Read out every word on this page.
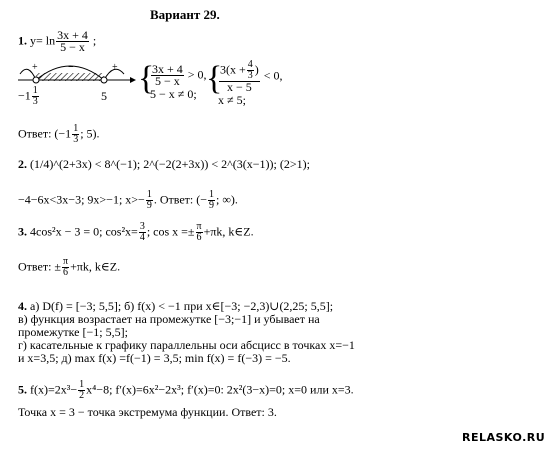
Вариант 29.
1. $y= \ln \frac{3x + 4}{5 - x}$ ;
+	−	+
$-1 \frac{1}{3}$	5 {
$\frac{3x + 4}{5 - x} > 0$,
5 − x ≠ 0; {
$\frac{3(x + \frac{4}{3} )}{x - 5} < 0$,
x ≠ 5;
Ответ: ($-1 \frac{1}{3}$ ; 5).
2. (1/4)^(2+3x) < 8^(−1); 2^(−2(2+3x)) < 2^(3(x−1)); (2>1);
−4−6x<3x−3; 9x>−1; $x>- \frac{1}{9}$ . Ответ: (− $\frac{1}{9}$ ; ∞).
3. 4cos²x − 3 = 0; $\cos^2x= \frac{3}{4}$ ; $\cos x =\pm \frac{\pi}{6} +\pi k$, k∈Z.
Ответ: ± $\frac{\pi}{6} +\pi k$, k∈Z.
4. а) D(f) = [−3; 5,5]; б) f(x) < −1 при x∈[−3; −2,3)∪(2,25; 5,5];
в) функция возрастает на промежутке [−3;−1] и убывает на
промежутке [−1; 5,5];
г) касательные к графику параллельны оси абсцисс в точках x=−1
и x=3,5; д) max f(x) =f(−1) = 3,5; min f(x) = f(−3) = −5.
5. $f(x)=2x^3- \frac{1}{2} x^4-8$; f′(x)=6x²−2x³; f′(x)=0: 2x²(3−x)=0; x=0 или x=3.
Точка x = 3 − точка экстремума функции. Ответ: 3.
RELASKO.RU
